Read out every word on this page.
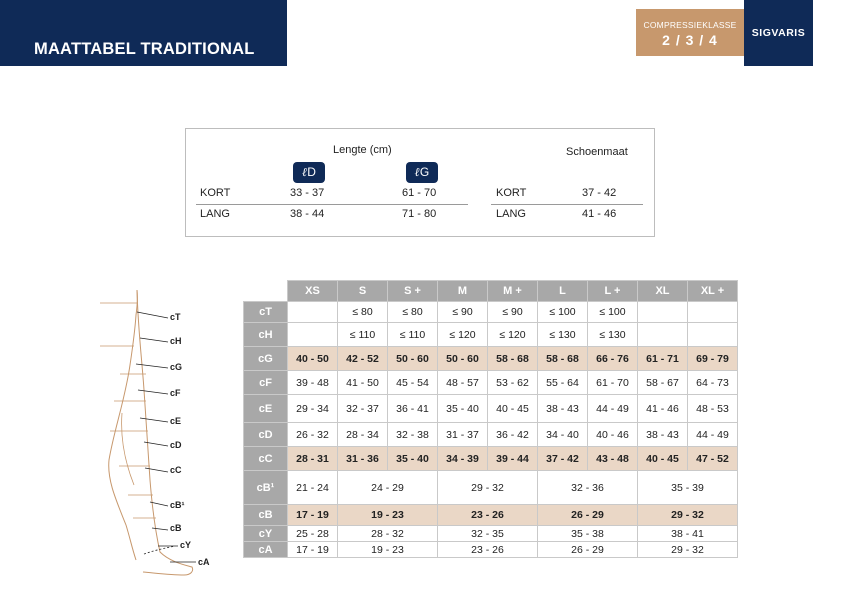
MAATTABEL TRADITIONAL
COMPRESSIEKLASSE
2 / 3 / 4	SIGVARIS
Lengte (cm)	Schoenmaat
ℓD	ℓG
KORT	33 - 37	61 - 70	KORT	37 - 42
LANG	38 - 44	71 - 80	LANG	41 - 46
cT
cH
cG
cF
cE
cD
cC
cB¹
cB
cY
cA
	XS	S	S +	M	M +	L	L +	XL	XL +
cT		≤ 80	≤ 80	≤ 90	≤ 90	≤ 100	≤ 100		
cH		≤ 110	≤ 110	≤ 120	≤ 120	≤ 130	≤ 130		
cG	40 - 50	42 - 52	50 - 60	50 - 60	58 - 68	58 - 68	66 - 76	61 - 71	69 - 79
cF	39 - 48	41 - 50	45 - 54	48 - 57	53 - 62	55 - 64	61 - 70	58 - 67	64 - 73
cE	29 - 34	32 - 37	36 - 41	35 - 40	40 - 45	38 - 43	44 - 49	41 - 46	48 - 53
cD	26 - 32	28 - 34	32 - 38	31 - 37	36 - 42	34 - 40	40 - 46	38 - 43	44 - 49
cC	28 - 31	31 - 36	35 - 40	34 - 39	39 - 44	37 - 42	43 - 48	40 - 45	47 - 52
cB¹	21 - 24	24 - 29		29 - 32		32 - 36		35 - 39	
cB	17 - 19	19 - 23		23 - 26		26 - 29		29 - 32	
cY	25 - 28	28 - 32		32 - 35		35 - 38		38 - 41	
cA	17 - 19	19 - 23		23 - 26		26 - 29		29 - 32	
